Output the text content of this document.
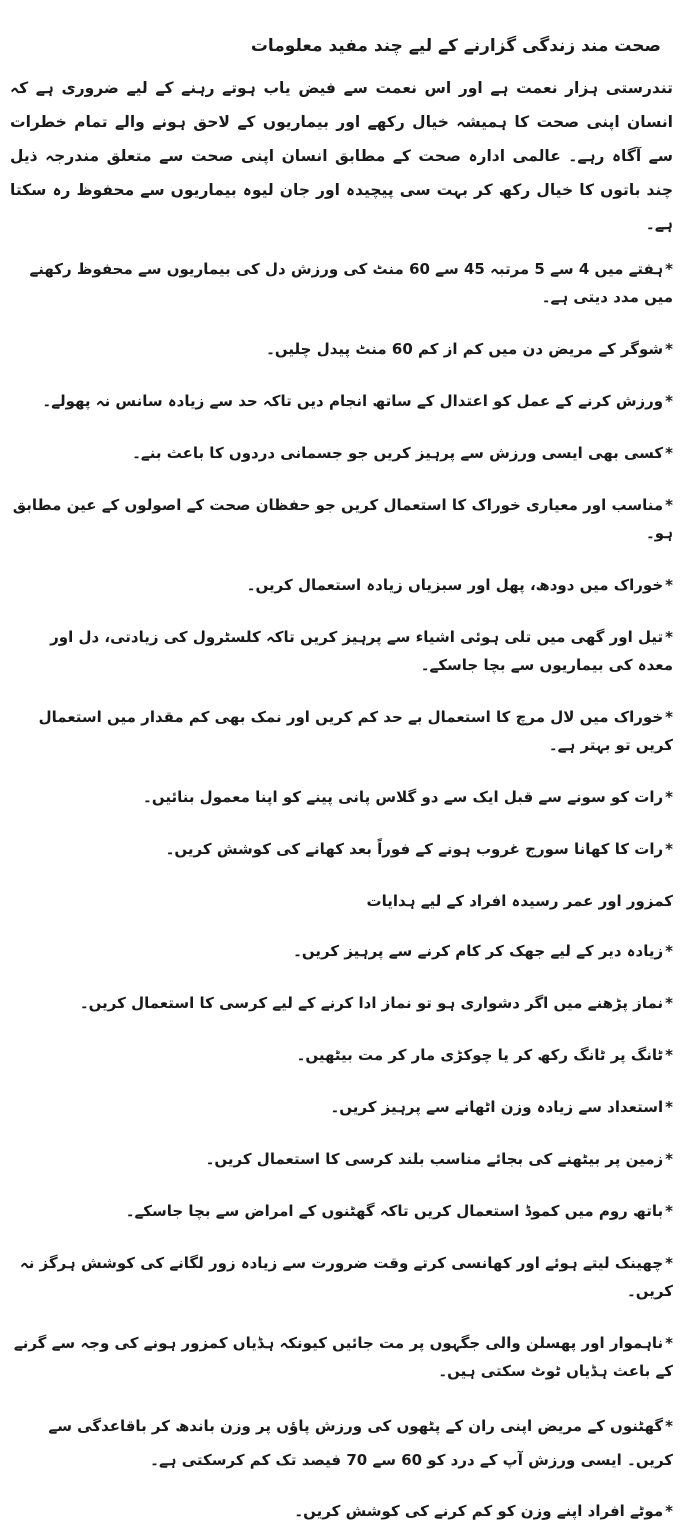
صحت مند زندگی گزارنے کے لیے چند مفید معلومات
تندرستی ہزار نعمت ہے اور اس نعمت سے فیض یاب ہوتے رہنے کے لیے ضروری ہے کہ انسان اپنی صحت کا ہمیشہ خیال رکھے اور بیماریوں کے لاحق ہونے والے تمام خطرات سے آگاہ رہے۔ عالمی ادارہ صحت کے مطابق انسان اپنی صحت سے متعلق مندرجہ ذیل چند باتوں کا خیال رکھ کر بہت سی پیچیدہ اور جان لیوہ بیماریوں سے محفوظ رہ سکتا ہے۔
*ہفتے میں 4 سے 5 مرتبہ 45 سے 60 منٹ کی ورزش دل کی بیماریوں سے محفوظ رکھنے میں مدد دیتی ہے۔
*شوگر کے مریض دن میں کم از کم 60 منٹ پیدل چلیں۔
*ورزش کرنے کے عمل کو اعتدال کے ساتھ انجام دیں تاکہ حد سے زیادہ سانس نہ پھولے۔
*کسی بھی ایسی ورزش سے پرہیز کریں جو جسمانی دردوں کا باعث بنے۔
*مناسب اور معیاری خوراک کا استعمال کریں جو حفظان صحت کے اصولوں کے عین مطابق ہو۔
*خوراک میں دودھ، پھل اور سبزیاں زیادہ استعمال کریں۔
*تیل اور گھی میں تلی ہوئی اشیاء سے پرہیز کریں تاکہ کلسٹرول کی زیادتی، دل اور معدہ کی بیماریوں سے بچا جاسکے۔
*خوراک میں لال مرچ کا استعمال بے حد کم کریں اور نمک بھی کم مقدار میں استعمال کریں تو بہتر ہے۔
*رات کو سونے سے قبل ایک سے دو گلاس پانی پینے کو اپنا معمول بنائیں۔
*رات کا کھانا سورج غروب ہونے کے فوراً بعد کھانے کی کوشش کریں۔
کمزور اور عمر رسیدہ افراد کے لیے ہدایات
*زیادہ دیر کے لیے جھک کر کام کرنے سے پرہیز کریں۔
*نماز پڑھنے میں اگر دشواری ہو تو نماز ادا کرنے کے لیے کرسی کا استعمال کریں۔
*ٹانگ پر ٹانگ رکھ کر یا چوکڑی مار کر مت بیٹھیں۔
*استعداد سے زیادہ وزن اٹھانے سے پرہیز کریں۔
*زمین پر بیٹھنے کی بجائے مناسب بلند کرسی کا استعمال کریں۔
*باتھ روم میں کموڈ استعمال کریں تاکہ گھٹنوں کے امراض سے بچا جاسکے۔
*چھینک لیتے ہوئے اور کھانسی کرتے وقت ضرورت سے زیادہ زور لگانے کی کوشش ہرگز نہ کریں۔
*ناہموار اور پھسلن والی جگہوں پر مت جائیں کیونکہ ہڈیاں کمزور ہونے کی وجہ سے گرنے کے باعث ہڈیاں ٹوٹ سکتی ہیں۔
*گھٹنوں کے مریض اپنی ران کے پٹھوں کی ورزش پاؤں پر وزن باندھ کر باقاعدگی سے کریں۔ ایسی ورزش آپ کے درد کو 60 سے 70 فیصد تک کم کرسکتی ہے۔
*موٹے افراد اپنے وزن کو کم کرنے کی کوشش کریں۔
